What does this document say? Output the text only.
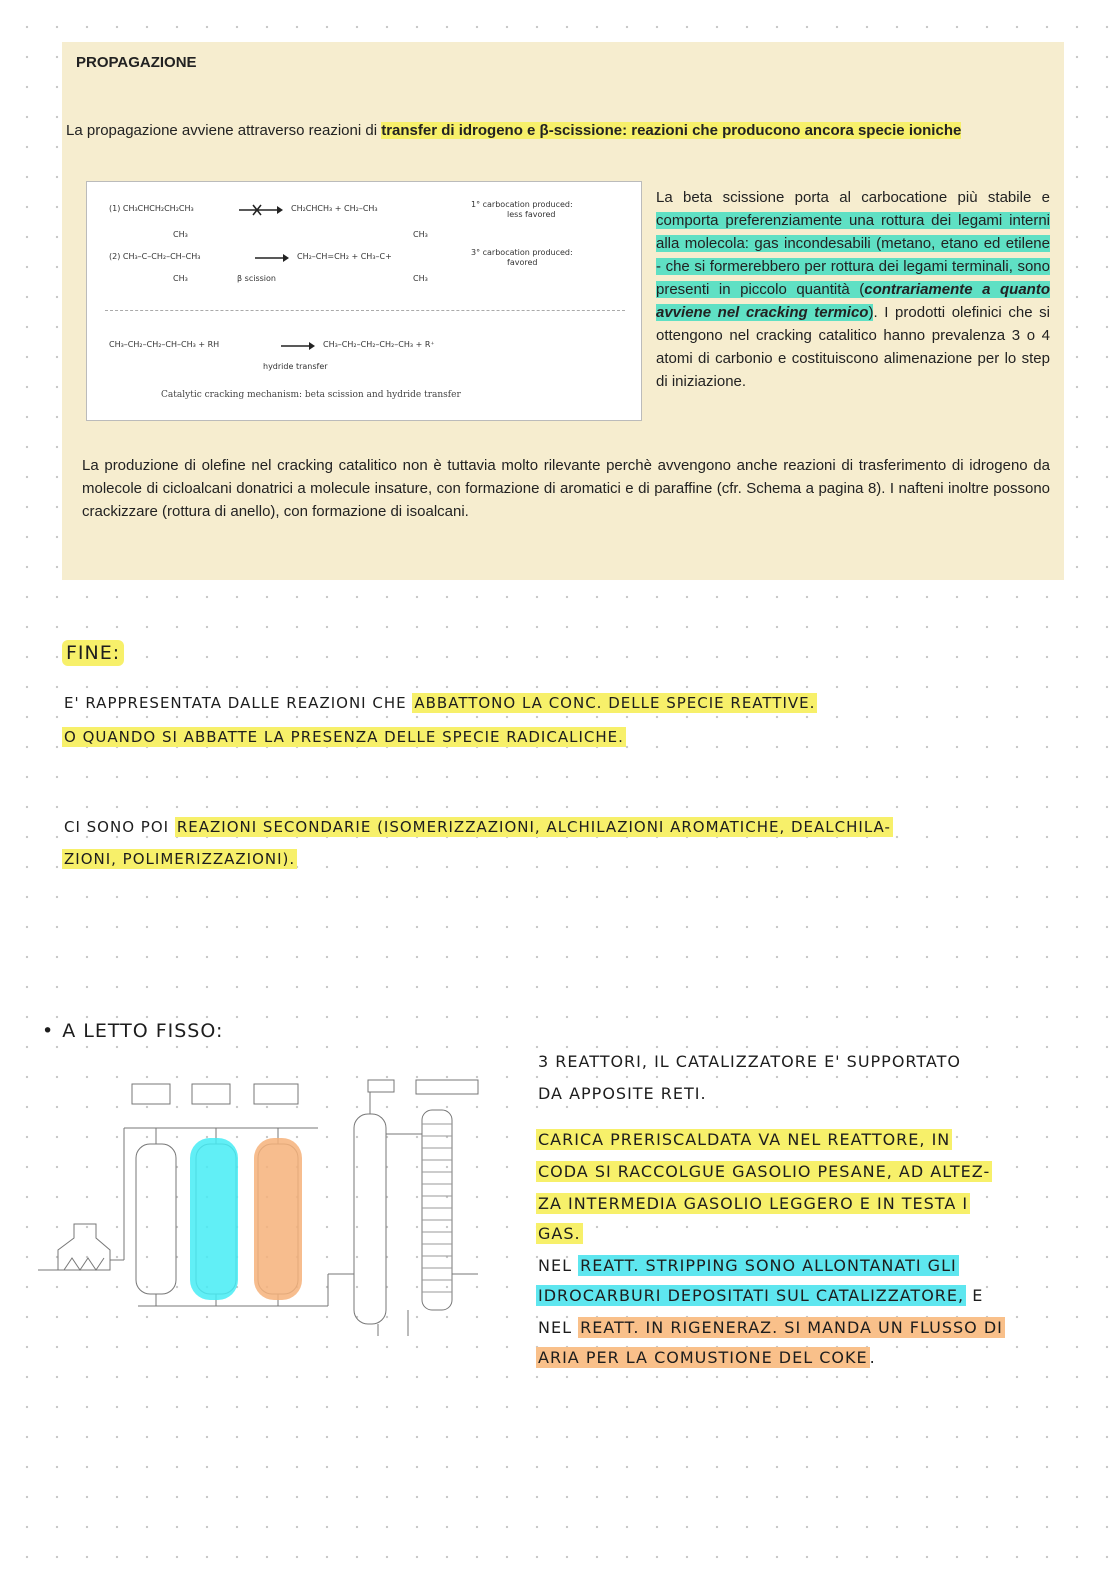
PROPAGAZIONE
La propagazione avviene attraverso reazioni di transfer di idrogeno e β-scissione: reazioni che producono ancora specie ioniche
(1) CH₃CHCH₂CH₂CH₃	CH₂CHCH₃ + CH₂–CH₃	1° carbocation produced:
less favored
CH₃	CH₃
(2) CH₃–C–CH₂–CH–CH₃	CH₂–CH=CH₂ + CH₃–C+	3° carbocation produced:
favored
CH₃	β scission	CH₃
CH₃–CH₂–CH₂–CH–CH₃ + RH	CH₃–CH₂–CH₂–CH₂–CH₃ + R⁺
hydride transfer
Catalytic cracking mechanism: beta scission and hydride transfer
La beta scissione porta al carbocatione più stabile e comporta preferenziamente una rottura dei legami interni alla molecola: gas incondesabili (metano, etano ed etilene - che si formerebbero per rottura dei legami terminali, sono presenti in piccolo quantità (contrariamente a quanto avviene nel cracking termico). I prodotti olefinici che si ottengono nel cracking catalitico hanno prevalenza 3 o 4 atomi di carbonio e costituiscono alimenazione per lo step di iniziazione.
La produzione di olefine nel cracking catalitico non è tuttavia molto rilevante perchè avvengono anche reazioni di trasferimento di idrogeno da molecole di cicloalcani donatrici a molecule insature, con formazione di aromatici e di paraffine (cfr. Schema a pagina 8). I nafteni inoltre possono crackizzare (rottura di anello), con formazione di isoalcani.
FINE:
E' RAPPRESENTATA DALLE REAZIONI CHE ABBATTONO LA CONC. DELLE SPECIE REATTIVE.
O QUANDO SI ABBATTE LA PRESENZA DELLE SPECIE RADICALICHE.
CI SONO POI REAZIONI SECONDARIE (ISOMERIZZAZIONI, ALCHILAZIONI AROMATICHE, DEALCHILA-
ZIONI, POLIMERIZZAZIONI).
• A LETTO FISSO:
3 REATTORI, IL CATALIZZATORE E' SUPPORTATO
DA APPOSITE RETI.
CARICA PRERISCALDATA VA NEL REATTORE, IN
CODA SI RACCOLGUE GASOLIO PESANE, AD ALTEZ-
ZA INTERMEDIA GASOLIO LEGGERO E IN TESTA I
GAS.
NEL REATT. STRIPPING SONO ALLONTANATI GLI
IDROCARBURI DEPOSITATI SUL CATALIZZATORE, E
NEL REATT. IN RIGENERAZ. SI MANDA UN FLUSSO DI
ARIA PER LA COMUSTIONE DEL COKE .
